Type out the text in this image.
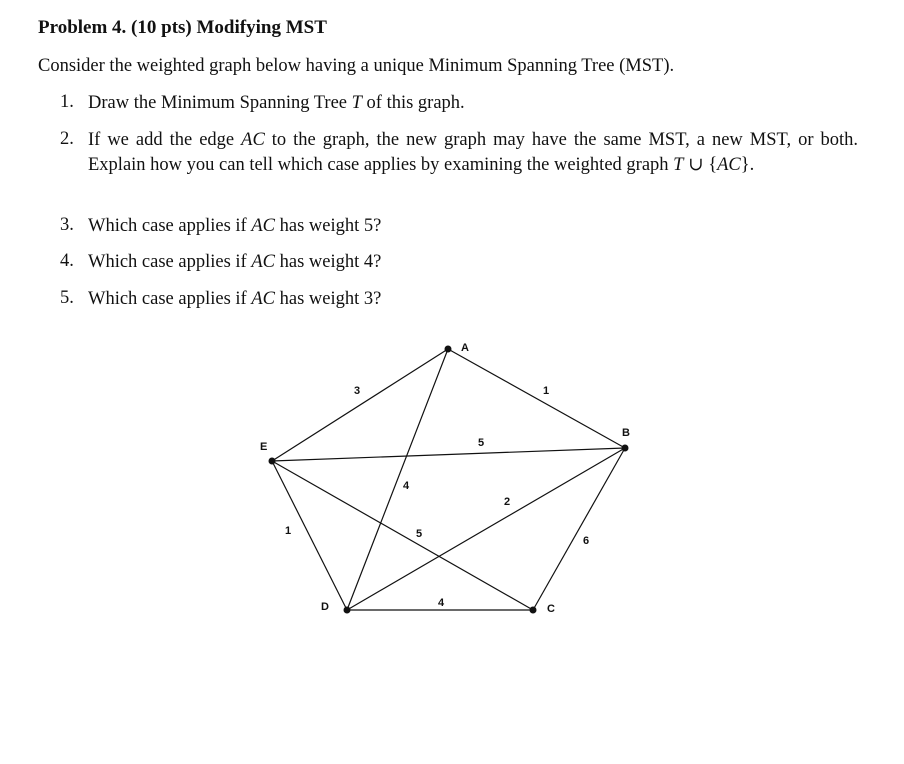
Problem 4. (10 pts) Modifying MST
Consider the weighted graph below having a unique Minimum Spanning Tree (MST).
1. Draw the Minimum Spanning Tree T of this graph.
2. If we add the edge AC to the graph, the new graph may have the same MST, a new MST, or both. Explain how you can tell which case applies by examining the weighted graph T ∪ {AC}.
3. Which case applies if AC has weight 5?
4. Which case applies if AC has weight 4?
5. Which case applies if AC has weight 3?
A
B
C
D
E
3	1
4
5
1	5
2
4
6
